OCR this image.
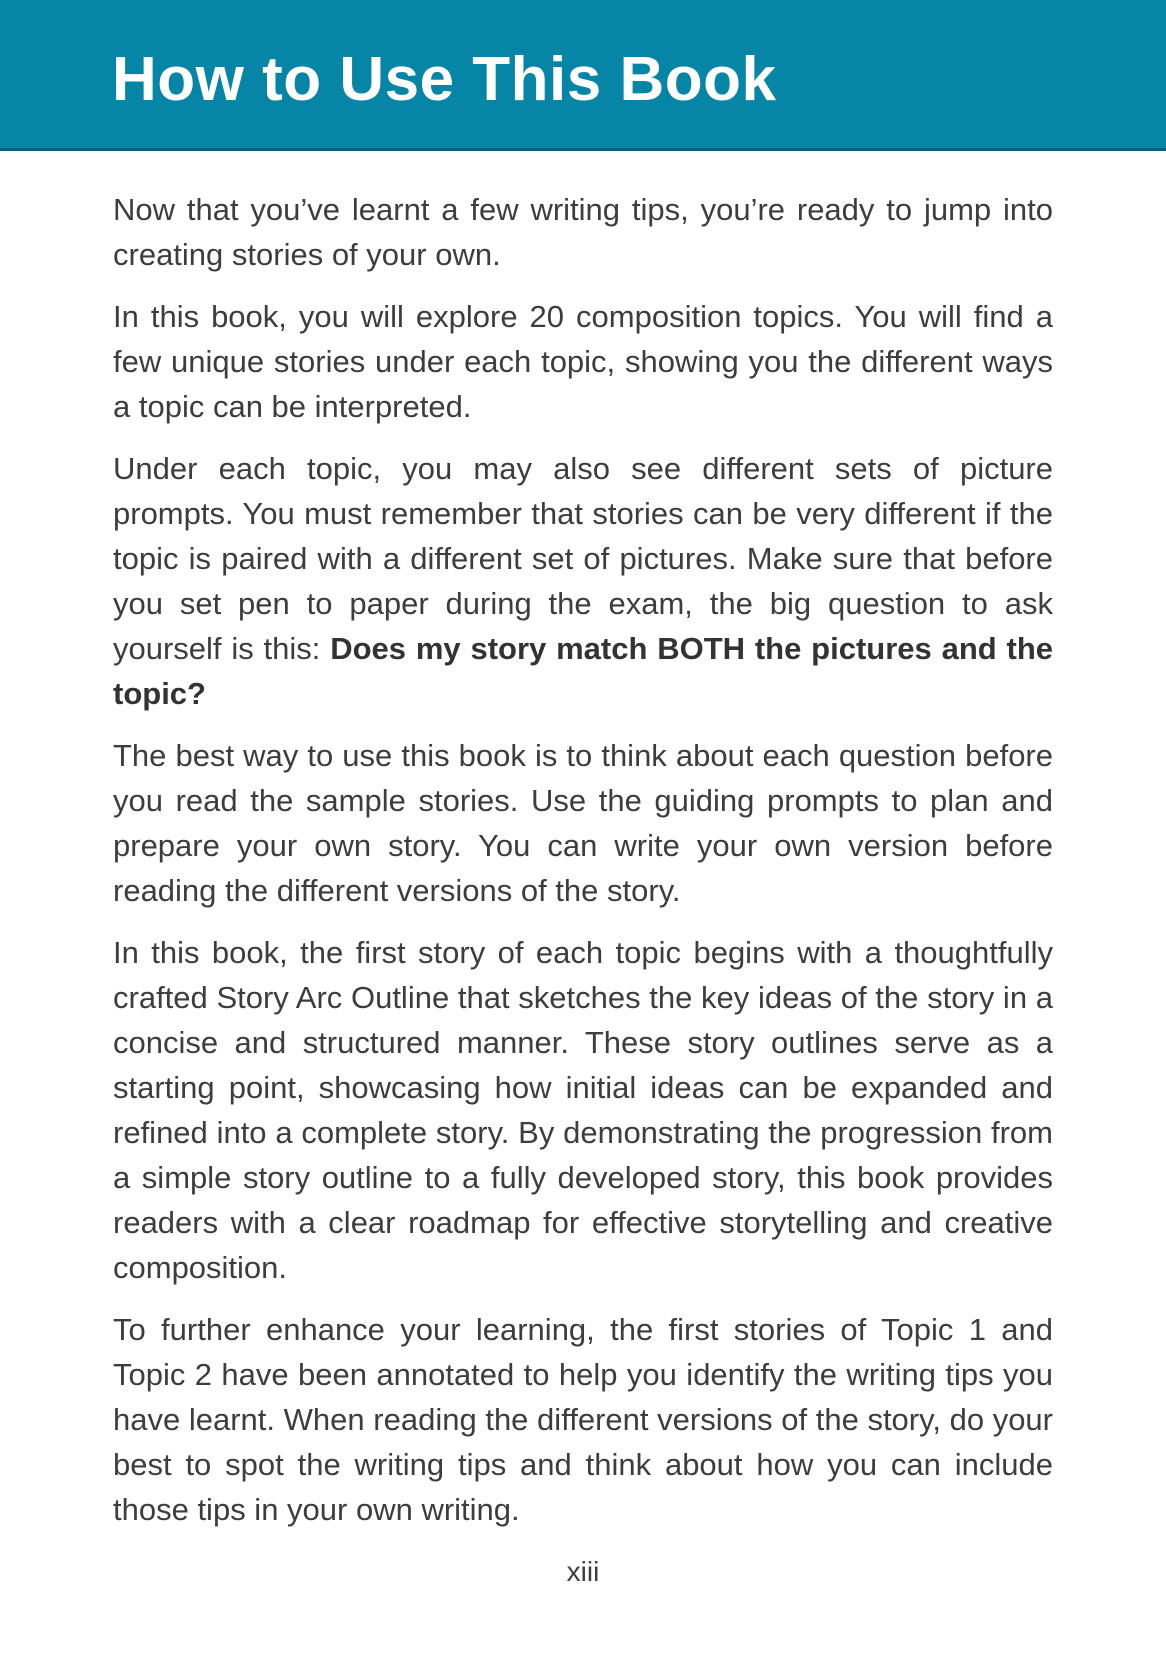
How to Use This Book

Now that you’ve learnt a few writing tips, you’re ready to jump into creating stories of your own.

In this book, you will explore 20 composition topics. You will find a few unique stories under each topic, showing you the different ways a topic can be interpreted.

Under each topic, you may also see different sets of picture prompts. You must remember that stories can be very different if the topic is paired with a different set of pictures. Make sure that before you set pen to paper during the exam, the big question to ask yourself is this: Does my story match BOTH the pictures and the topic?

The best way to use this book is to think about each question before you read the sample stories. Use the guiding prompts to plan and prepare your own story. You can write your own version before reading the different versions of the story.

In this book, the first story of each topic begins with a thoughtfully crafted Story Arc Outline that sketches the key ideas of the story in a concise and structured manner. These story outlines serve as a starting point, showcasing how initial ideas can be expanded and refined into a complete story. By demonstrating the progression from a simple story outline to a fully developed story, this book provides readers with a clear roadmap for effective storytelling and creative composition.

To further enhance your learning, the first stories of Topic 1 and Topic 2 have been annotated to help you identify the writing tips you have learnt. When reading the different versions of the story, do your best to spot the writing tips and think about how you can include those tips in your own writing.

xiii
